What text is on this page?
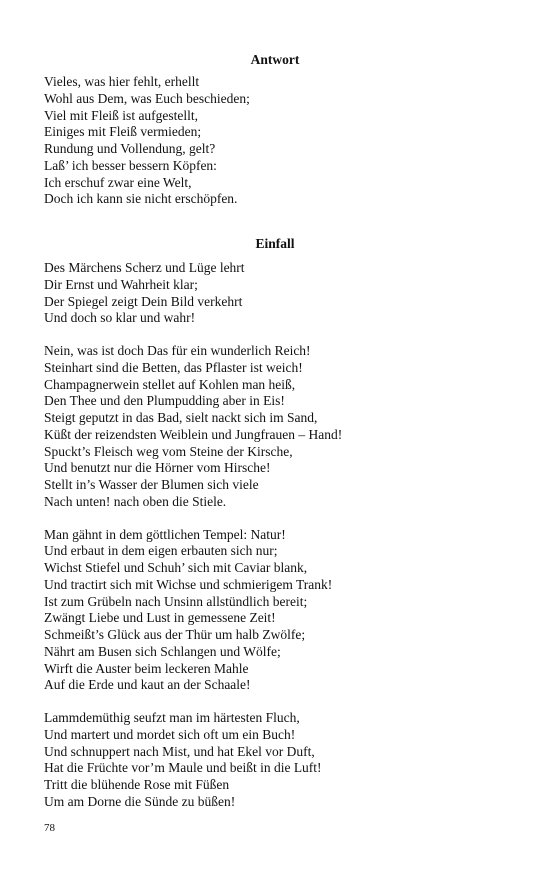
Antwort
Vieles, was hier fehlt, erhellt
Wohl aus Dem, was Euch beschieden;
Viel mit Fleiß ist aufgestellt,
Einiges mit Fleiß vermieden;
Rundung und Vollendung, gelt?
Laß’ ich besser bessern Köpfen:
Ich erschuf zwar eine Welt,
Doch ich kann sie nicht erschöpfen.
Einfall
Des Märchens Scherz und Lüge lehrt
Dir Ernst und Wahrheit klar;
Der Spiegel zeigt Dein Bild verkehrt
Und doch so klar und wahr!
Nein, was ist doch Das für ein wunderlich Reich!
Steinhart sind die Betten, das Pflaster ist weich!
Champagnerwein stellet auf Kohlen man heiß,
Den Thee und den Plumpudding aber in Eis!
Steigt geputzt in das Bad, sielt nackt sich im Sand,
Küßt der reizendsten Weiblein und Jungfrauen – Hand!
Spuckt’s Fleisch weg vom Steine der Kirsche,
Und benutzt nur die Hörner vom Hirsche!
Stellt in’s Wasser der Blumen sich viele
Nach unten! nach oben die Stiele.
Man gähnt in dem göttlichen Tempel: Natur!
Und erbaut in dem eigen erbauten sich nur;
Wichst Stiefel und Schuh’ sich mit Caviar blank,
Und tractirt sich mit Wichse und schmierigem Trank!
Ist zum Grübeln nach Unsinn allstündlich bereit;
Zwängt Liebe und Lust in gemessene Zeit!
Schmeißt’s Glück aus der Thür um halb Zwölfe;
Nährt am Busen sich Schlangen und Wölfe;
Wirft die Auster beim leckeren Mahle
Auf die Erde und kaut an der Schaale!
Lammdemüthig seufzt man im härtesten Fluch,
Und martert und mordet sich oft um ein Buch!
Und schnuppert nach Mist, und hat Ekel vor Duft,
Hat die Früchte vor’m Maule und beißt in die Luft!
Tritt die blühende Rose mit Füßen
Um am Dorne die Sünde zu büßen!
78
